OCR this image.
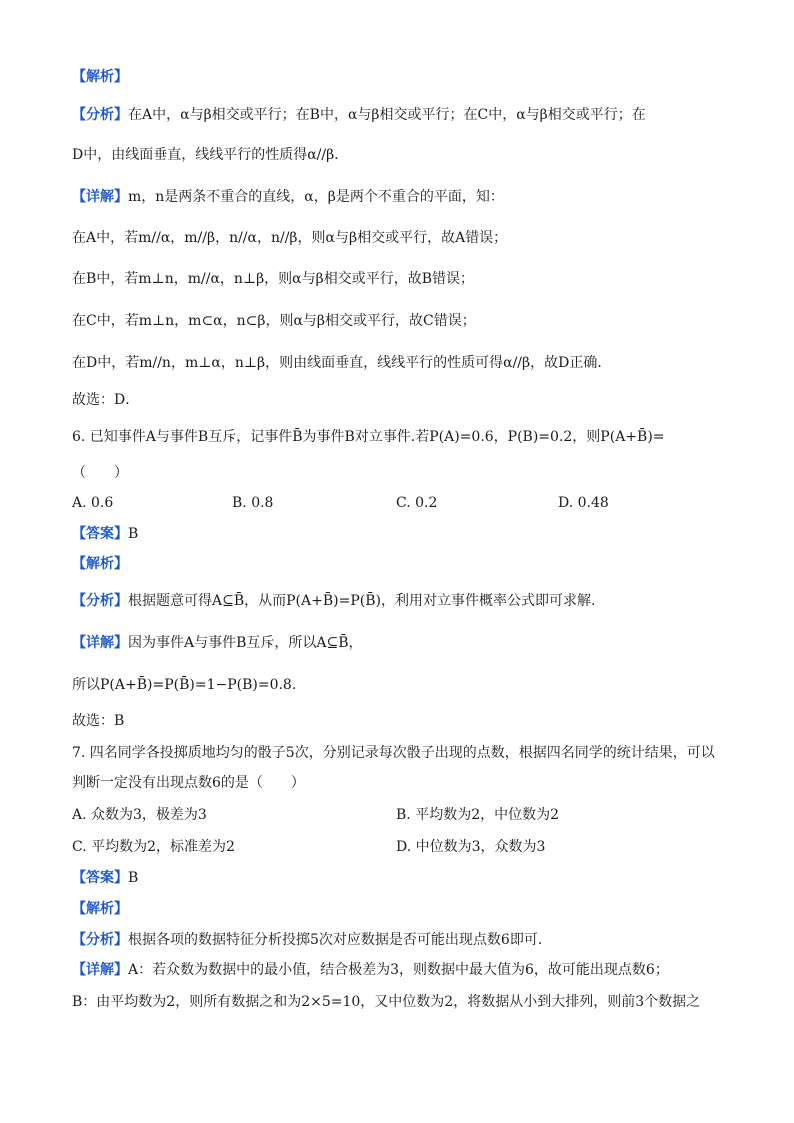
【解析】
【分析】在A中，α与β相交或平行；在B中，α与β相交或平行；在C中，α与β相交或平行；在
D中，由线面垂直，线线平行的性质得α//β．
【详解】m，n是两条不重合的直线，α，β是两个不重合的平面，知：
在A中，若m//α，m//β，n//α，n//β，则α与β相交或平行，故A错误；
在B中，若m⊥n，m//α，n⊥β，则α与β相交或平行，故B错误；
在C中，若m⊥n，m⊂α，n⊂β，则α与β相交或平行，故C错误；
在D中，若m//n，m⊥α，n⊥β，则由线面垂直，线线平行的性质可得α//β，故D正确．
故选：D．
6. 已知事件A与事件B互斥，记事件B̄为事件B对立事件.若P(A)=0.6，P(B)=0.2，则P(A+B̄)=
（　　）
A. 0.6	B. 0.8	C. 0.2	D. 0.48
【答案】B
【解析】
【分析】根据题意可得A⊆B̄，从而P(A+B̄)=P(B̄)，利用对立事件概率公式即可求解.
【详解】因为事件A与事件B互斥，所以A⊆B̄，
所以P(A+B̄)=P(B̄)=1−P(B)=0.8.
故选：B
7. 四名同学各投掷质地均匀的骰子5次，分别记录每次骰子出现的点数，根据四名同学的统计结果，可以
判断一定没有出现点数6的是（　　）
A. 众数为3，极差为3	B. 平均数为2，中位数为2
C. 平均数为2，标准差为2	D. 中位数为3，众数为3
【答案】B
【解析】
【分析】根据各项的数据特征分析投掷5次对应数据是否可能出现点数6即可.
【详解】A：若众数为数据中的最小值，结合极差为3，则数据中最大值为6，故可能出现点数6；
B：由平均数为2，则所有数据之和为2×5=10，又中位数为2，将数据从小到大排列，则前3个数据之
